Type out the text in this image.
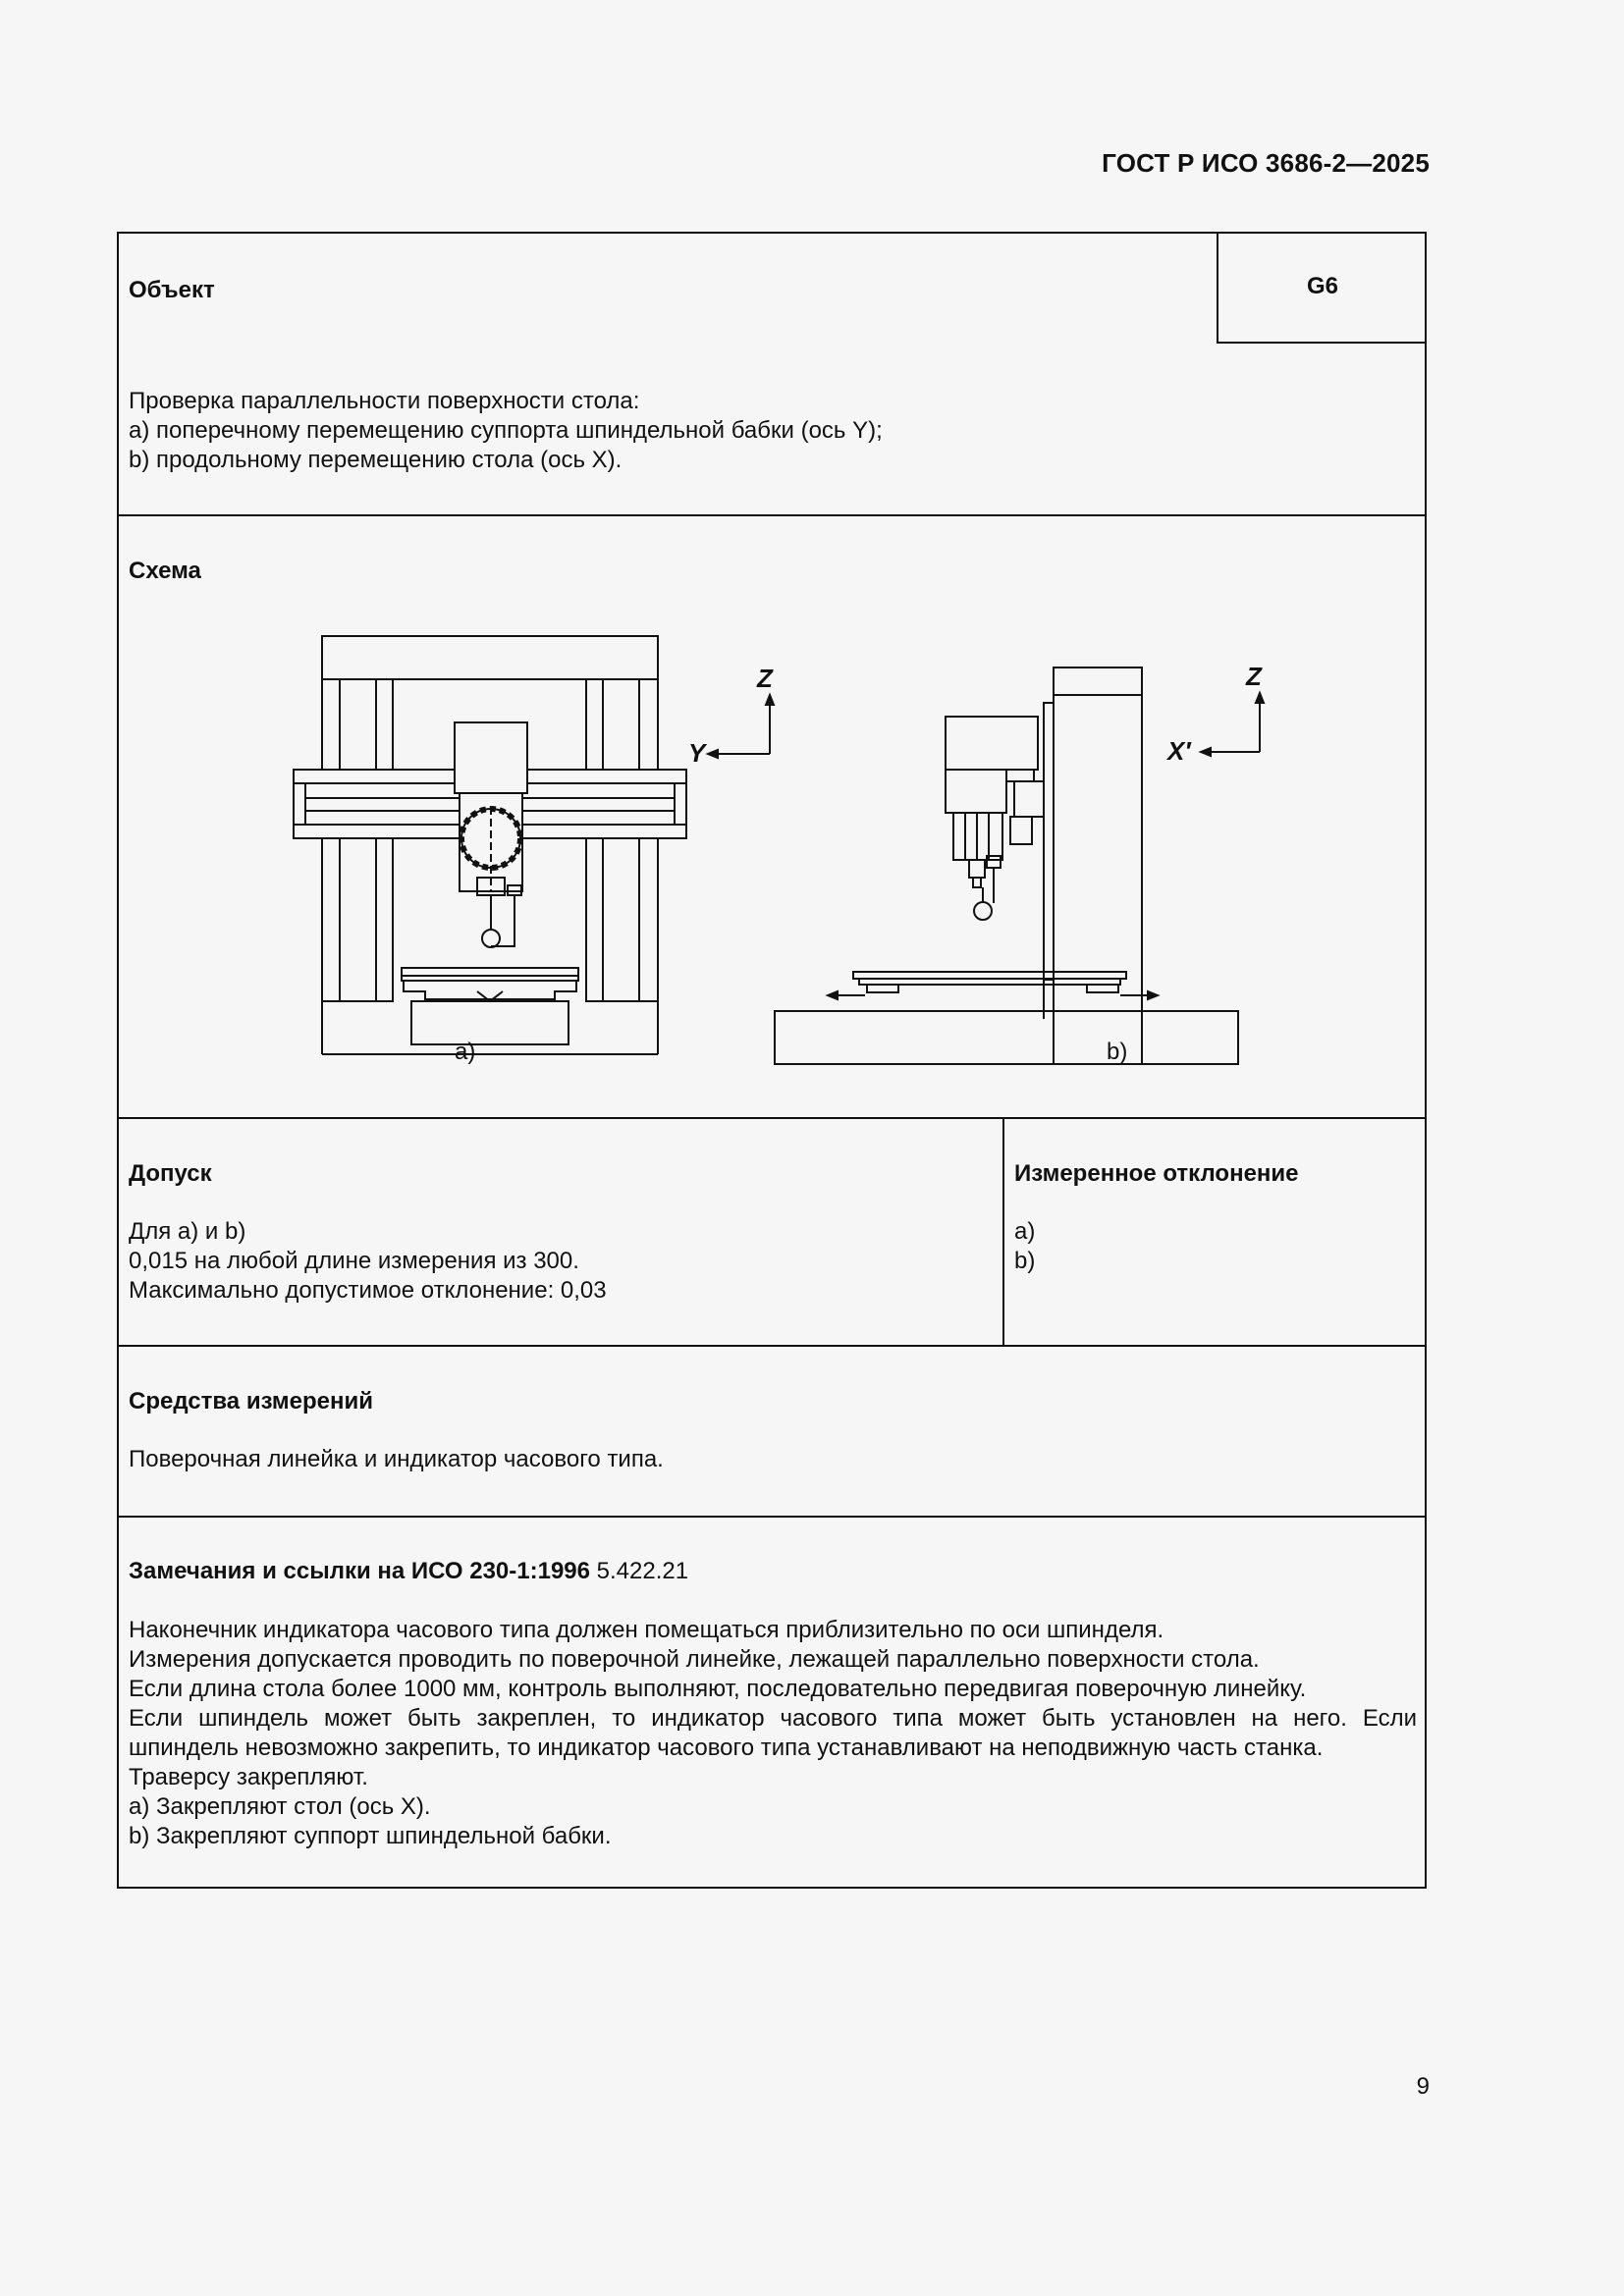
ГОСТ Р ИСО 3686-2—2025
Объект	G6

Проверка параллельности поверхности стола:

a) поперечному перемещению суппорта шпиндельной бабки (ось Y);

b) продольному перемещению стола (ось X).

Схема
Z
Y
Z
X′
a)	b)
Допуск

Для a) и b)

0,015 на любой длине измерения из 300.

Максимально допустимое отклонение: 0,03

Измеренное отклонение

a)

b)

Средства измерений
Поверочная линейка и индикатор часового типа.
Замечания и ссылки на ИСО 230-1:1996 5.422.21

Наконечник индикатора часового типа должен помещаться приблизительно по оси шпинделя.

Измерения допускается проводить по поверочной линейке, лежащей параллельно поверхности стола.

Если длина стола более 1000 мм, контроль выполняют, последовательно передвигая поверочную линейку.

Если шпиндель может быть закреплен, то индикатор часового типа может быть установлен на него. Если

шпиндель невозможно закрепить, то индикатор часового типа устанавливают на неподвижную часть станка.

Траверсу закрепляют.

a) Закрепляют стол (ось X).

b) Закрепляют суппорт шпиндельной бабки.

9
